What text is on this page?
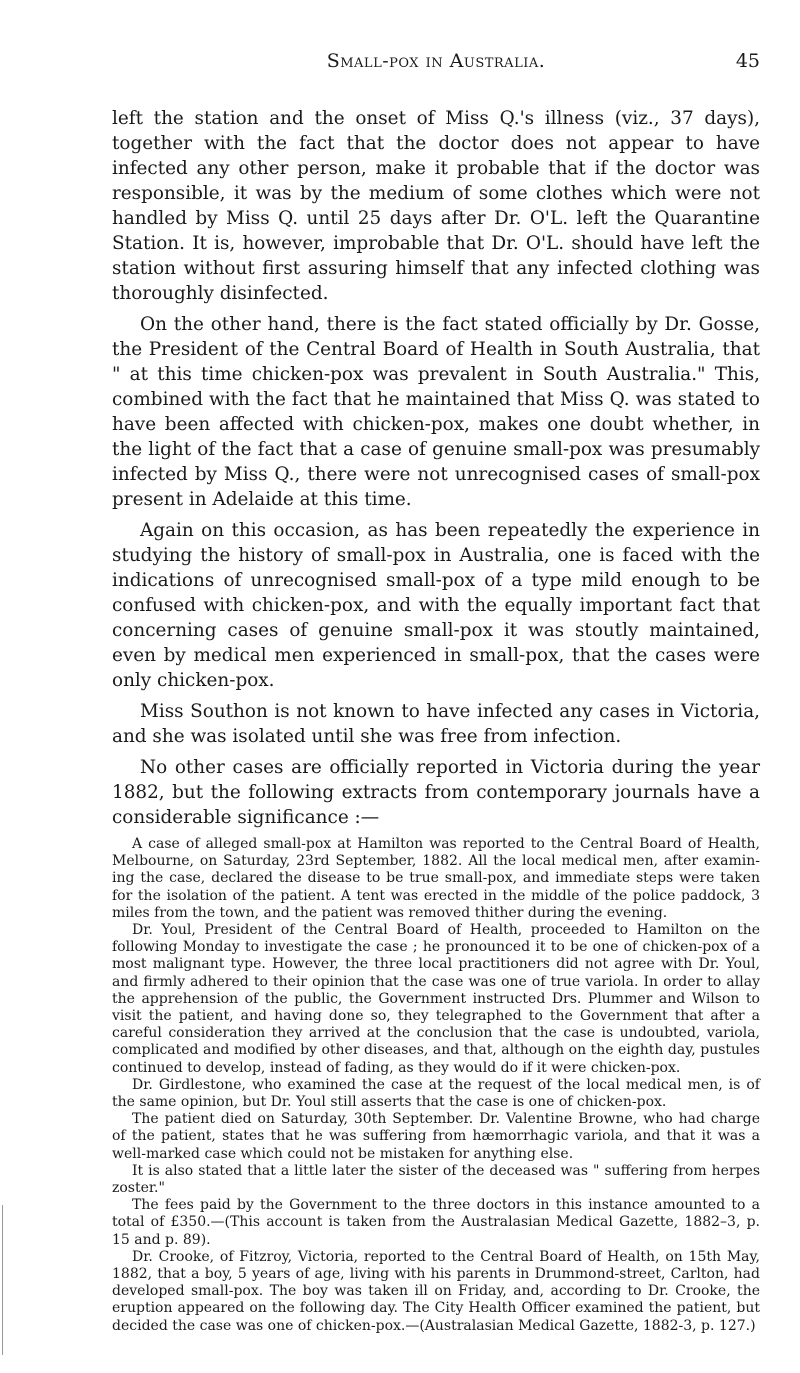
Small-pox in Australia.	45

left the station and the onset of Miss Q.'s illness (viz., 37 days), together with the fact that the doctor does not appear to have infected any other person, make it probable that if the doctor was responsible, it was by the medium of some clothes which were not handled by Miss Q. until 25 days after Dr. O'L. left the Quarantine Station. It is, however, improbable that Dr. O'L. should have left the station without first assuring himself that any infected clothing was thoroughly disinfected.

On the other hand, there is the fact stated officially by Dr. Gosse, the President of the Central Board of Health in South Australia, that " at this time chicken-pox was prevalent in South Australia." This, combined with the fact that he maintained that Miss Q. was stated to have been affected with chicken-pox, makes one doubt whether, in the light of the fact that a case of genuine small-pox was presumably infected by Miss Q., there were not unrecognised cases of small-pox present in Adelaide at this time.

Again on this occasion, as has been repeatedly the experience in studying the history of small-pox in Australia, one is faced with the indications of unrecognised small-pox of a type mild enough to be confused with chicken-pox, and with the equally important fact that concerning cases of genuine small-pox it was stoutly maintained, even by medical men experienced in small-pox, that the cases were only chicken-pox.

Miss Southon is not known to have infected any cases in Victoria, and she was isolated until she was free from infection.

No other cases are officially reported in Victoria during the year 1882, but the following extracts from contemporary journals have a considerable significance :—

A case of alleged small-pox at Hamilton was reported to the Central Board of Health, Melbourne, on Saturday, 23rd September, 1882. All the local medical men, after examin-ing the case, declared the disease to be true small-pox, and immediate steps were taken for the isolation of the patient. A tent was erected in the middle of the police paddock, 3 miles from the town, and the patient was removed thither during the evening.

Dr. Youl, President of the Central Board of Health, proceeded to Hamilton on the following Monday to investigate the case ; he pronounced it to be one of chicken-pox of a most malignant type. However, the three local practitioners did not agree with Dr. Youl, and firmly adhered to their opinion that the case was one of true variola. In order to allay the apprehension of the public, the Government instructed Drs. Plummer and Wilson to visit the patient, and having done so, they telegraphed to the Government that after a careful consideration they arrived at the conclusion that the case is undoubted, variola, complicated and modified by other diseases, and that, although on the eighth day, pustules continued to develop, instead of fading, as they would do if it were chicken-pox.

Dr. Girdlestone, who examined the case at the request of the local medical men, is of the same opinion, but Dr. Youl still asserts that the case is one of chicken-pox.

The patient died on Saturday, 30th September. Dr. Valentine Browne, who had charge of the patient, states that he was suffering from hæmorrhagic variola, and that it was a well-marked case which could not be mistaken for anything else.

It is also stated that a little later the sister of the deceased was " suffering from herpes zoster."

The fees paid by the Government to the three doctors in this instance amounted to a total of £350.—(This account is taken from the Australasian Medical Gazette, 1882–3, p. 15 and p. 89).

Dr. Crooke, of Fitzroy, Victoria, reported to the Central Board of Health, on 15th May, 1882, that a boy, 5 years of age, living with his parents in Drummond-street, Carlton, had developed small-pox. The boy was taken ill on Friday, and, according to Dr. Crooke, the eruption appeared on the following day. The City Health Officer examined the patient, but decided the case was one of chicken-pox.—(Australasian Medical Gazette, 1882-3, p. 127.)
